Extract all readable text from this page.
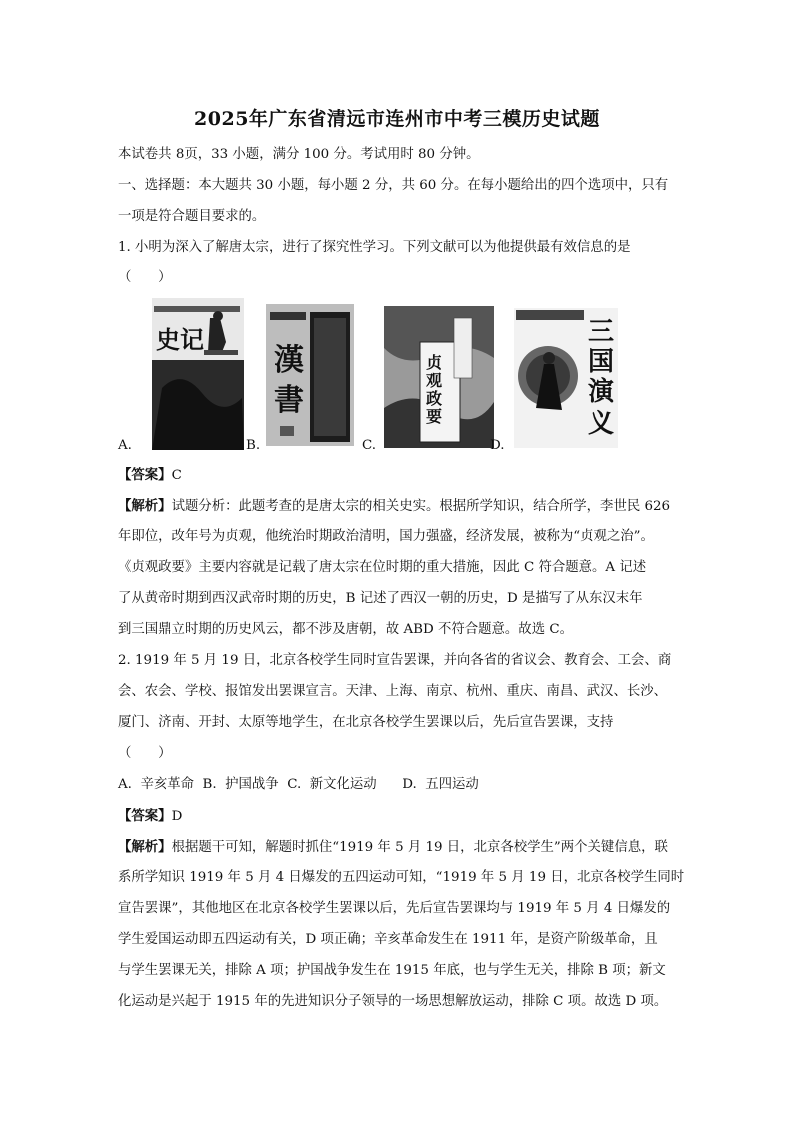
2025年广东省清远市连州市中考三模历史试题
本试卷共 8页，33 小题，满分 100 分。考试用时 80 分钟。
一、选择题：本大题共 30 小题，每小题 2 分，共 60 分。在每小题给出的四个选项中，只有
一项是符合题目要求的。
1. 小明为深入了解唐太宗，进行了探究性学习。下列文献可以为他提供最有效信息的是
（　　）
A.
史记
B.
漢
書
C.
贞
观
政
要
D.
三
国
演
义
【答案】C
【解析】试题分析：此题考查的是唐太宗的相关史实。根据所学知识，结合所学，李世民 626
年即位，改年号为贞观，他统治时期政治清明，国力强盛，经济发展，被称为“贞观之治”。
《贞观政要》主要内容就是记载了唐太宗在位时期的重大措施，因此 C 符合题意。A 记述
了从黄帝时期到西汉武帝时期的历史，B 记述了西汉一朝的历史，D 是描写了从东汉末年
到三国鼎立时期的历史风云，都不涉及唐朝，故 ABD 不符合题意。故选 C。
2. 1919 年 5 月 19 日，北京各校学生同时宣告罢课，并向各省的省议会、教育会、工会、商
会、农会、学校、报馆发出罢课宣言。天津、上海、南京、杭州、重庆、南昌、武汉、长沙、
厦门、济南、开封、太原等地学生，在北京各校学生罢课以后，先后宣告罢课，支持
（　　）
A.  辛亥革命  B.  护国战争  C.  新文化运动      D.  五四运动
【答案】D
【解析】根据题干可知，解题时抓住“1919 年 5 月 19 日，北京各校学生”两个关键信息，联
系所学知识 1919 年 5 月 4 日爆发的五四运动可知，“1919 年 5 月 19 日，北京各校学生同时
宣告罢课”，其他地区在北京各校学生罢课以后，先后宣告罢课均与 1919 年 5 月 4 日爆发的
学生爱国运动即五四运动有关，D 项正确；辛亥革命发生在 1911 年，是资产阶级革命，且
与学生罢课无关，排除 A 项；护国战争发生在 1915 年底，也与学生无关，排除 B 项；新文
化运动是兴起于 1915 年的先进知识分子领导的一场思想解放运动，排除 C 项。故选 D 项。
